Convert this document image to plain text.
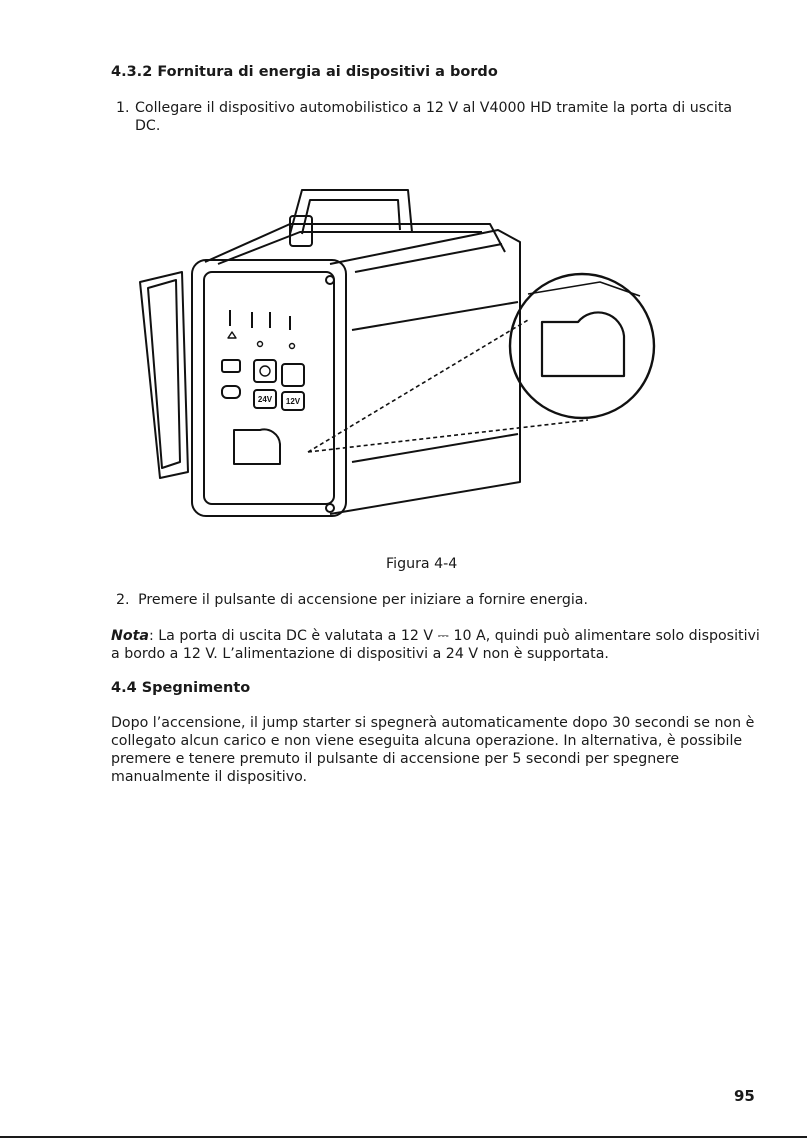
4.3.2 Fornitura di energia ai dispositivi a bordo
1. Collegare il dispositivo automobilistico a 12 V al V4000 HD tramite la porta di uscita DC.
24V 12V
Figura 4-4
2. Premere il pulsante di accensione per iniziare a fornire energia.
Nota: La porta di uscita DC è valutata a 12 V ⎓ 10 A, quindi può alimentare solo dispositivi a bordo a 12 V. L’alimentazione di dispositivi a 24 V non è supportata.
4.4 Spegnimento
Dopo l’accensione, il jump starter si spegnerà automaticamente dopo 30 secondi se non è collegato alcun carico e non viene eseguita alcuna operazione. In alternativa, è possibile premere e tenere premuto il pulsante di accensione per 5 secondi per spegnere manualmente il dispositivo.
95
